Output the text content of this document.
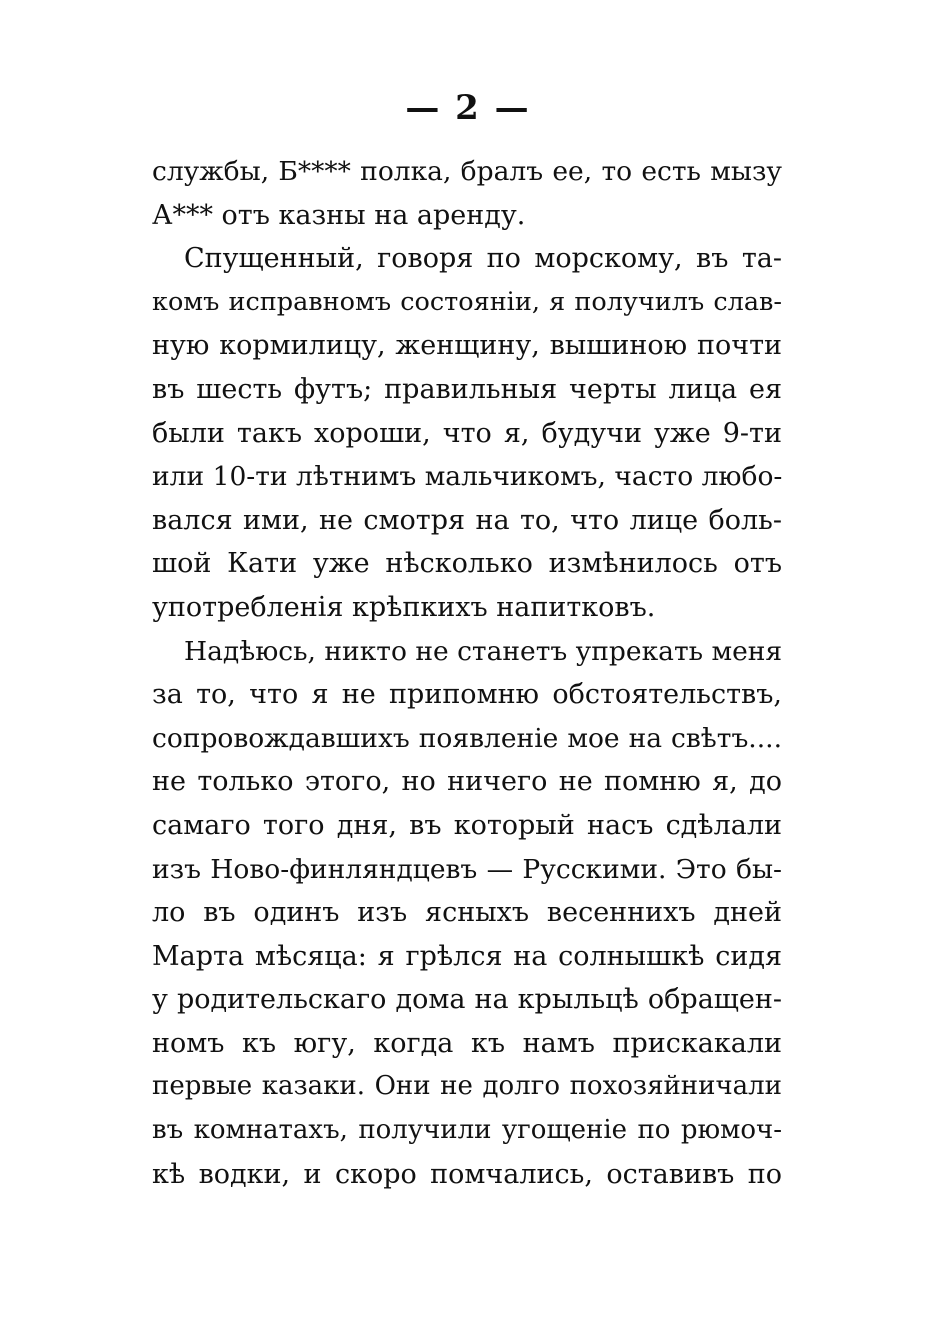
— 2 —
службы, Б**** полка, бралъ ее, то есть мызу
А*** отъ казны на аренду.
Спущенный, говоря по морскому, въ та-
комъ исправномъ состояніи, я получилъ слав-
ную кормилицу, женщину, вышиною почти
въ шесть футъ; правильныя черты лица ея
были такъ хороши, что я, будучи уже 9-ти
или 10-ти лѣтнимъ мальчикомъ, часто любо-
вался ими, не смотря на то, что лице боль-
шой Кати уже нѣсколько измѣнилось отъ
употребленія крѣпкихъ напитковъ.
Надѣюсь, никто не станетъ упрекать меня
за то, что я не припомню обстоятельствъ,
сопровождавшихъ появленіе мое на свѣтъ....
не только этого, но ничего не помню я, до
самаго того дня, въ который насъ сдѣлали
изъ Ново-финляндцевъ — Русскими. Это бы-
ло въ одинъ изъ ясныхъ весеннихъ дней
Марта мѣсяца: я грѣлся на солнышкѣ сидя
у родительскаго дома на крыльцѣ обращен-
номъ къ югу, когда къ намъ прискакали
первые казаки. Они не долго похозяйничали
въ комнатахъ, получили угощеніе по рюмоч-
кѣ водки, и скоро помчались, оставивъ по
